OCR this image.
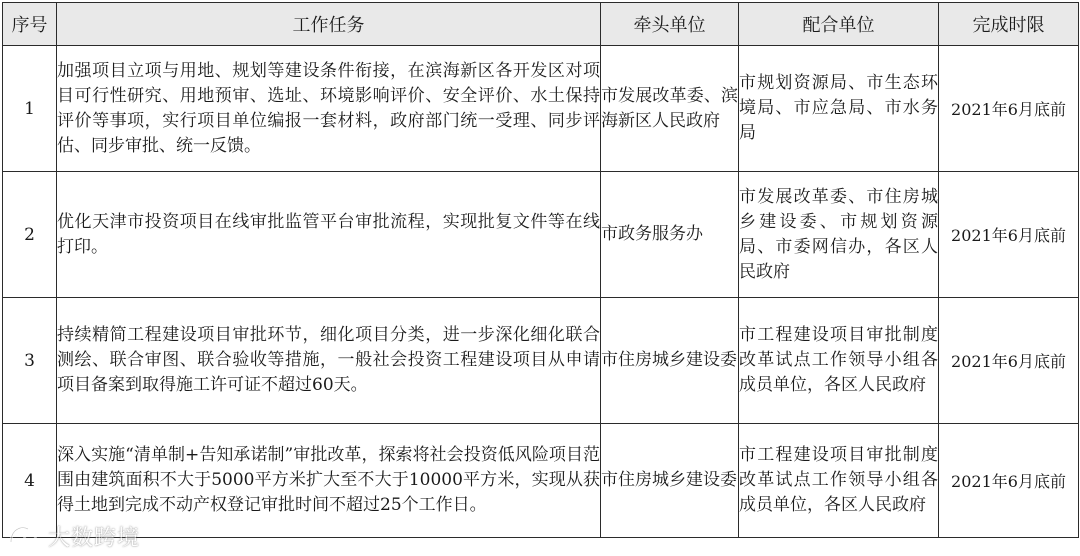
序号	工作任务	牵头单位	配合单位	完成时限
1	加强项目立项与用地、规划等建设条件衔接，在滨海新区各开发区对项目可行性研究、用地预审、选址、环境影响评价、安全评价、水土保持评价等事项，实行项目单位编报一套材料，政府部门统一受理、同步评估、同步审批、统一反馈。	市发展改革委、滨海新区人民政府	市规划资源局、市生态环境局、市应急局、市水务局	2021年6月底前
2	优化天津市投资项目在线审批监管平台审批流程，实现批复文件等在线打印。	市政务服务办	市发展改革委、市住房城乡建设委、市规划资源局、市委网信办，各区人民政府	2021年6月底前
3	持续精简工程建设项目审批环节，细化项目分类，进一步深化细化联合测绘、联合审图、联合验收等措施，一般社会投资工程建设项目从申请项目备案到取得施工许可证不超过60天。	市住房城乡建设委	市工程建设项目审批制度改革试点工作领导小组各成员单位，各区人民政府	2021年6月底前
4	深入实施“清单制+告知承诺制”审批改革，探索将社会投资低风险项目范围由建筑面积不大于5000平方米扩大至不大于10000平方米，实现从获得土地到完成不动产权登记审批时间不超过25个工作日。	市住房城乡建设委	市工程建设项目审批制度改革试点工作领导小组各成员单位，各区人民政府	2021年6月底前
大数跨境
